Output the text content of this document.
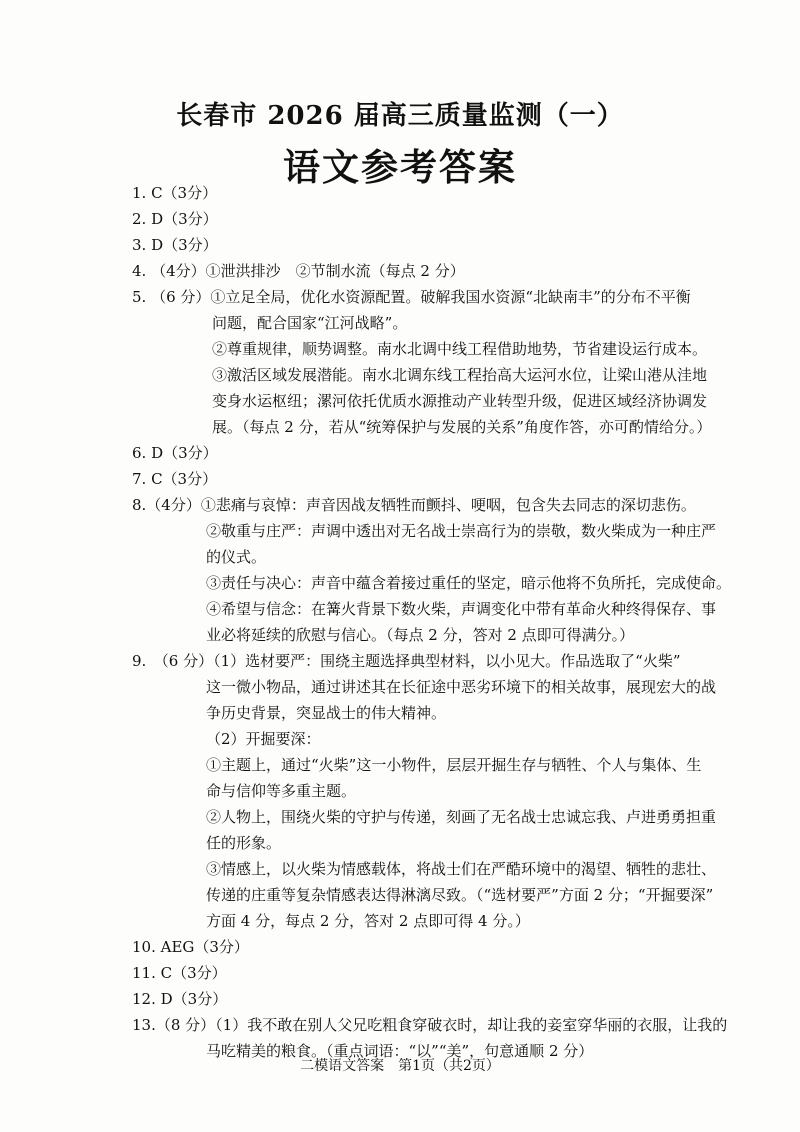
长春市 2026 届高三质量监测（一）
语文参考答案
1. C（3分）
2. D（3分）
3. D（3分）
4. （4分）①泄洪排沙　②节制水流（每点 2 分）
5. （6 分）①立足全局，优化水资源配置。破解我国水资源“北缺南丰”的分布不平衡
问题，配合国家“江河战略”。
②尊重规律，顺势调整。南水北调中线工程借助地势，节省建设运行成本。
③激活区域发展潜能。南水北调东线工程抬高大运河水位，让梁山港从洼地
变身水运枢纽；漯河依托优质水源推动产业转型升级，促进区域经济协调发
展。（每点 2 分，若从“统筹保护与发展的关系”角度作答，亦可酌情给分。）
6. D（3分）
7. C（3分）
8.（4分）①悲痛与哀悼：声音因战友牺牲而颤抖、哽咽，包含失去同志的深切悲伤。
②敬重与庄严：声调中透出对无名战士崇高行为的崇敬，数火柴成为一种庄严
的仪式。
③责任与决心：声音中蕴含着接过重任的坚定，暗示他将不负所托，完成使命。
④希望与信念：在篝火背景下数火柴，声调变化中带有革命火种终得保存、事
业必将延续的欣慰与信心。（每点 2 分，答对 2 点即可得满分。）
9.　（6 分）（1）选材要严：围绕主题选择典型材料，以小见大。作品选取了“火柴”
这一微小物品，通过讲述其在长征途中恶劣环境下的相关故事，展现宏大的战
争历史背景，突显战士的伟大精神。
（2）开掘要深：
①主题上，通过“火柴”这一小物件，层层开掘生存与牺牲、个人与集体、生
命与信仰等多重主题。
②人物上，围绕火柴的守护与传递，刻画了无名战士忠诚忘我、卢进勇勇担重
任的形象。
③情感上，以火柴为情感载体，将战士们在严酷环境中的渴望、牺牲的悲壮、
传递的庄重等复杂情感表达得淋漓尽致。（“选材要严”方面 2 分；“开掘要深”
方面 4 分，每点 2 分，答对 2 点即可得 4 分。）
10. AEG（3分）
11. C（3分）
12. D（3分）
13.（8 分）（1）我不敢在别人父兄吃粗食穿破衣时，却让我的妾室穿华丽的衣服，让我的
马吃精美的粮食。（重点词语：“以”“美”，句意通顺 2 分）
二模语文答案　第1页（共2页）
